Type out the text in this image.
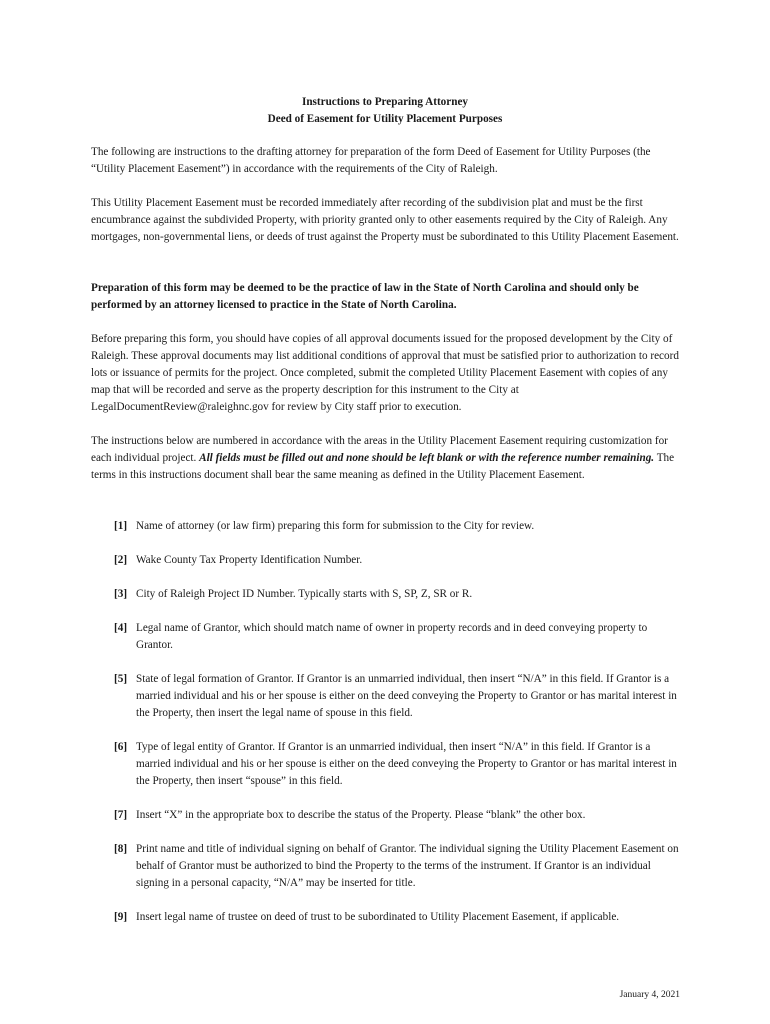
Instructions to Preparing Attorney
Deed of Easement for Utility Placement Purposes

The following are instructions to the drafting attorney for preparation of the form Deed of Easement for Utility Purposes (the “Utility Placement Easement”) in accordance with the requirements of the City of Raleigh.

This Utility Placement Easement must be recorded immediately after recording of the subdivision plat and must be the first encumbrance against the subdivided Property, with priority granted only to other easements required by the City of Raleigh. Any mortgages, non-governmental liens, or deeds of trust against the Property must be subordinated to this Utility Placement Easement.

Preparation of this form may be deemed to be the practice of law in the State of North Carolina and should only be performed by an attorney licensed to practice in the State of North Carolina.

Before preparing this form, you should have copies of all approval documents issued for the proposed development by the City of Raleigh. These approval documents may list additional conditions of approval that must be satisfied prior to authorization to record lots or issuance of permits for the project. Once completed, submit the completed Utility Placement Easement with copies of any map that will be recorded and serve as the property description for this instrument to the City at LegalDocumentReview@raleighnc.gov for review by City staff prior to execution.

The instructions below are numbered in accordance with the areas in the Utility Placement Easement requiring customization for each individual project. All fields must be filled out and none should be left blank or with the reference number remaining. The terms in this instructions document shall bear the same meaning as defined in the Utility Placement Easement.

[1] Name of attorney (or law firm) preparing this form for submission to the City for review.
[2] Wake County Tax Property Identification Number.
[3] City of Raleigh Project ID Number. Typically starts with S, SP, Z, SR or R.
[4] Legal name of Grantor, which should match name of owner in property records and in deed conveying property to Grantor.
[5] State of legal formation of Grantor. If Grantor is an unmarried individual, then insert “N/A” in this field. If Grantor is a married individual and his or her spouse is either on the deed conveying the Property to Grantor or has marital interest in the Property, then insert the legal name of spouse in this field.
[6] Type of legal entity of Grantor. If Grantor is an unmarried individual, then insert “N/A” in this field. If Grantor is a married individual and his or her spouse is either on the deed conveying the Property to Grantor or has marital interest in the Property, then insert “spouse” in this field.
[7] Insert “X” in the appropriate box to describe the status of the Property. Please “blank” the other box.
[8] Print name and title of individual signing on behalf of Grantor. The individual signing the Utility Placement Easement on behalf of Grantor must be authorized to bind the Property to the terms of the instrument. If Grantor is an individual signing in a personal capacity, “N/A” may be inserted for title.
[9] Insert legal name of trustee on deed of trust to be subordinated to Utility Placement Easement, if applicable.
January 4, 2021
